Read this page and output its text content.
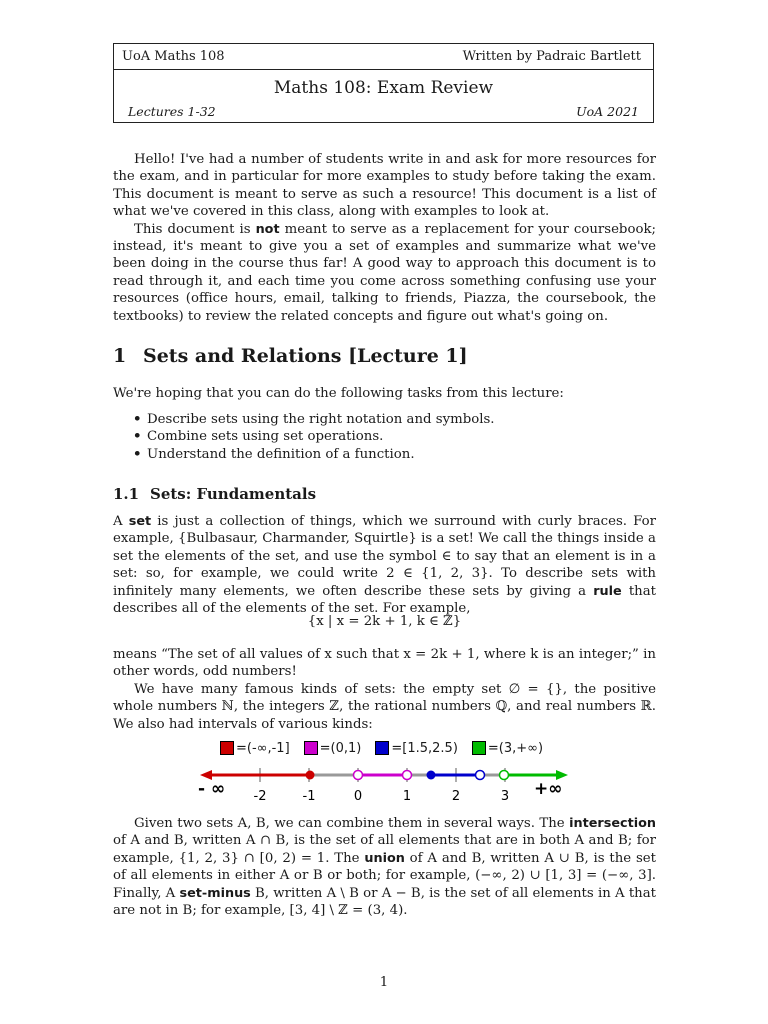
UoA Maths 108	Written by Padraic Bartlett
Maths 108: Exam Review
Lectures 1-32	UoA 2021

Hello! I've had a number of students write in and ask for more resources for the exam, and in particular for more examples to study before taking the exam. This document is meant to serve as such a resource! This document is a list of what we've covered in this class, along with examples to look at.

This document is not meant to serve as a replacement for your coursebook; instead, it's meant to give you a set of examples and summarize what we've been doing in the course thus far! A good way to approach this document is to read through it, and each time you come across something confusing use your resources (office hours, email, talking to friends, Piazza, the coursebook, the textbooks) to review the related concepts and figure out what's going on.

1 Sets and Relations [Lecture 1]

We're hoping that you can do the following tasks from this lecture:

• Describe sets using the right notation and symbols.
• Combine sets using set operations.
• Understand the definition of a function.
1.1 Sets: Fundamentals

A set is just a collection of things, which we surround with curly braces. For example, {Bulbasaur, Charmander, Squirtle} is a set! We call the things inside a set the elements of the set, and use the symbol ∈ to say that an element is in a set: so, for example, we could write 2 ∈ {1, 2, 3}. To describe sets with infinitely many elements, we often describe these sets by giving a rule that describes all of the elements of the set. For example,

{x | x = 2k + 1, k ∈ ℤ}

means “The set of all values of x such that x = 2k + 1, where k is an integer;” in other words, odd numbers!

We have many famous kinds of sets: the empty set ∅ = {}, the positive whole numbers ℕ, the integers ℤ, the rational numbers ℚ, and real numbers ℝ. We also had intervals of various kinds:

=(-∞,-1] =(0,1) =[1.5,2.5) =(3,+∞)
-2	-1	0	1	2	3
- ∞	+∞

Given two sets A, B, we can combine them in several ways. The intersection of A and B, written A ∩ B, is the set of all elements that are in both A and B; for example, {1, 2, 3} ∩ [0, 2) = 1. The union of A and B, written A ∪ B, is the set of all elements in either A or B or both; for example, (−∞, 2) ∪ [1, 3] = (−∞, 3]. Finally, A set-minus B, written A \ B or A − B, is the set of all elements in A that are not in B; for example, [3, 4] \ ℤ = (3, 4).

1
